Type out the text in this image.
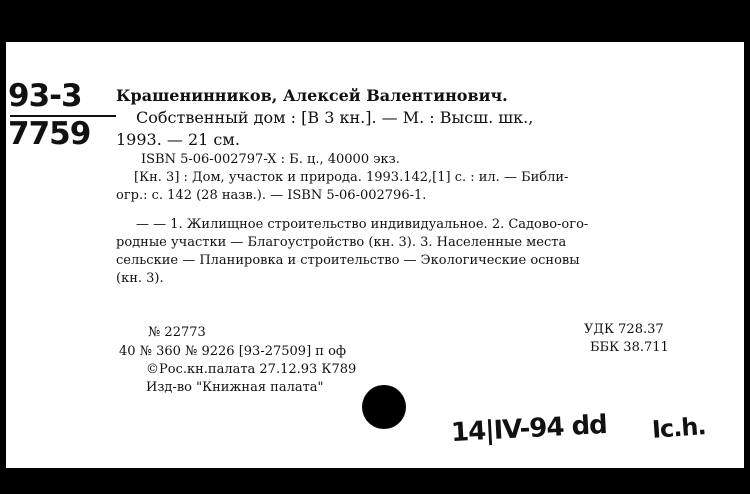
93-3
7759
Крашенинников, Алексей Валентинович.
Собственный дом : [В 3 кн.]. — М. : Высш. шк.,
1993. — 21 см.
ISBN 5-06-002797-X : Б. ц., 40000 экз.
[Кн. 3] : Дом, участок и природа. 1993.142,[1] с. : ил. — Библи-
огр.: с. 142 (28 назв.). — ISBN 5-06-002796-1.
— — 1. Жилищное строительство индивидуальное. 2. Садово-ого-
родные участки — Благоустройство (кн. 3). 3. Населенные места
сельские — Планировка и строительство — Экологические основы
(кн. 3).
№ 22773
40 № 360 № 9226 [93-27509] п оф
©Рос.кн.палата 27.12.93 К789
Изд-во "Книжная палата"
УДК 728.37
ББК 38.711
14|IV-94 dd Ic.h.
